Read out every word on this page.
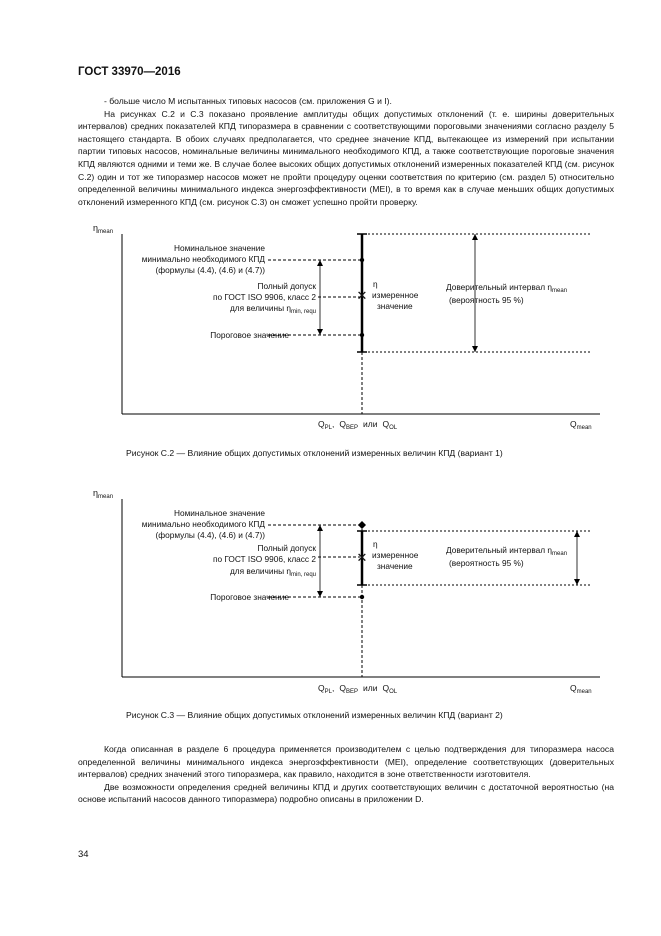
ГОСТ 33970—2016

- больше число М испытанных типовых насосов (см. приложения G и I).
На рисунках С.2 и С.3 показано проявление амплитуды общих допустимых отклонений (т. е. ширины доверительных интервалов) средних показателей КПД типоразмера в сравнении с соответствующими пороговыми значениями согласно разделу 5 настоящего стандарта. В обоих случаях предполагается, что среднее значение КПД, вытекающее из измерений при испытании партии типовых насосов, номинальные величины минимального необходимого КПД, а также соответствующие пороговые значения КПД являются одними и теми же. В случае более высоких общих допустимых отклонений измеренных показателей КПД (см. рисунок С.2) один и тот же типоразмер насосов может не пройти процедуру оценки соответствия по критерию (см. раздел 5) относительно определенной величины минимального индекса энергоэффективности (MEI), в то время как в случае меньших общих допустимых отклонений измеренного КПД (см. рисунок С.3) он сможет успешно пройти проверку.

$\eta_{mean}$
✕
Номинальное значение
минимально необходимого КПД
(формулы (4.4), (4.6) и (4.7))
Полный допуск
по ГОСТ ISO 9906, класс 2
для величины $\eta_{min, requ}$
Пороговое значение
η
измеренное
значение
Доверительный интервал $\eta_{mean}$
(вероятность 95 %)
$Q_{PL}$, $Q_{BEP}$ или $Q_{OL}$	$Q_{mean}$
Рисунок С.2 — Влияние общих допустимых отклонений измеренных величин КПД (вариант 1)
$\eta_{mean}$
✕
Номинальное значение
минимально необходимого КПД
(формулы (4.4), (4.6) и (4.7))
Полный допуск
по ГОСТ ISO 9906, класс 2
для величины $\eta_{min, requ}$
Пороговое значение
η
измеренное
значение
Доверительный интервал $\eta_{mean}$
(вероятность 95 %)
$Q_{PL}$, $Q_{BEP}$ или $Q_{OL}$	$Q_{mean}$
Рисунок С.3 — Влияние общих допустимых отклонений измеренных величин КПД (вариант 2)

Когда описанная в разделе 6 процедура применяется производителем с целью подтверждения для типоразмера насоса определенной величины минимального индекса энергоэффективности (MEI), определение соответствующих (доверительных интервалов) средних значений этого типоразмера, как правило, находится в зоне ответственности изготовителя.
Две возможности определения средней величины КПД и других соответствующих величин с достаточной вероятностью (на основе испытаний насосов данного типоразмера) подробно описаны в приложении D.

34
